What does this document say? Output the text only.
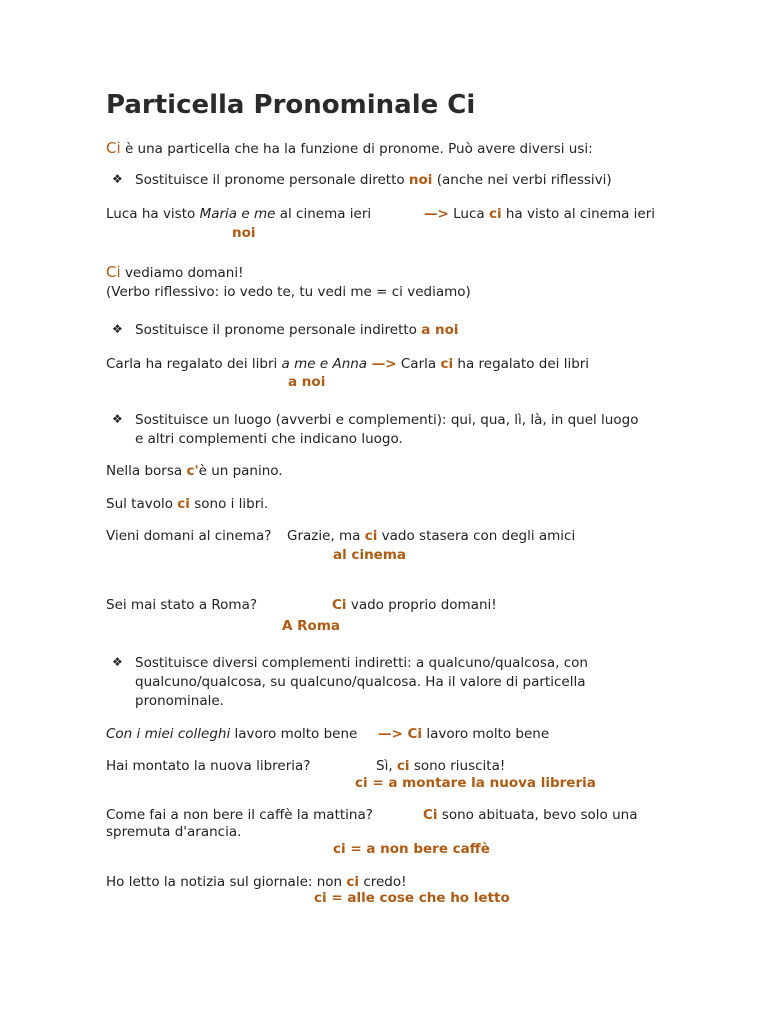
Particella Pronominale Ci
Ci è una particella che ha la funzione di pronome. Può avere diversi usi:
❖ Sostituisce il pronome personale diretto noi (anche nei verbi riflessivi)
Luca ha visto Maria e me al cinema ieri	—> Luca ci ha visto al cinema ieri
noi
Ci vediamo domani!
(Verbo riflessivo: io vedo te, tu vedi me = ci vediamo)
❖ Sostituisce il pronome personale indiretto a noi
Carla ha regalato dei libri a me e Anna —> Carla ci ha regalato dei libri
a noi
❖ Sostituisce un luogo (avverbi e complementi): qui, qua, lì, là, in quel luogo
e altri complementi che indicano luogo.
Nella borsa c'è un panino.
Sul tavolo ci sono i libri.
Vieni domani al cinema? Grazie, ma ci vado stasera con degli amici
al cinema
Sei mai stato a Roma?	Ci vado proprio domani!
A Roma
❖ Sostituisce diversi complementi indiretti: a qualcuno/qualcosa, con
qualcuno/qualcosa, su qualcuno/qualcosa. Ha il valore di particella
pronominale.
Con i miei colleghi lavoro molto bene —> Ci lavoro molto bene
Hai montato la nuova libreria?	Sì, ci sono riuscita!
ci = a montare la nuova libreria
Come fai a non bere il caffè la mattina?	Ci sono abituata, bevo solo una
spremuta d'arancia.
ci = a non bere caffè
Ho letto la notizia sul giornale: non ci credo!
ci = alle cose che ho letto
